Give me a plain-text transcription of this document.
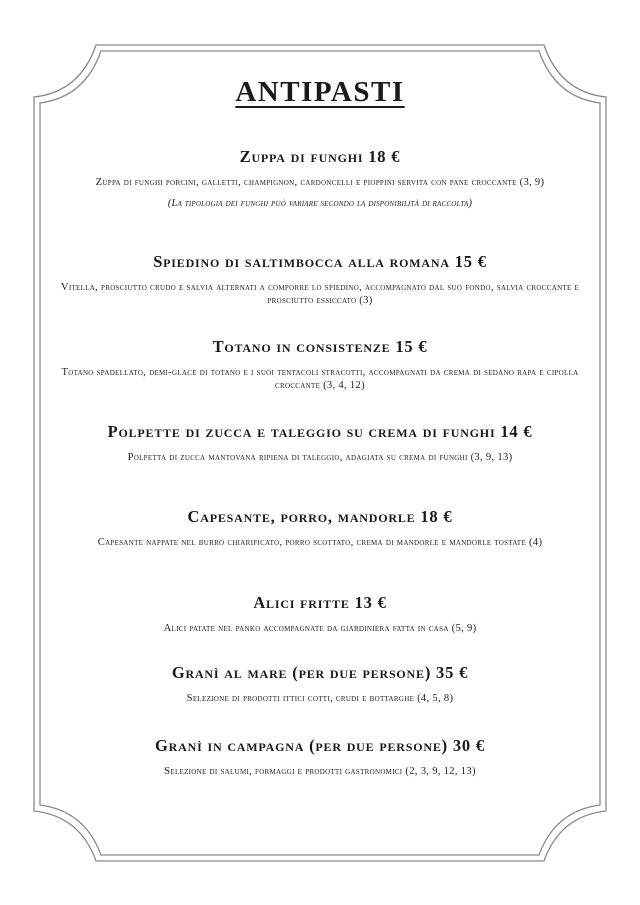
ANTIPASTI
Zuppa di funghi 18 €

Zuppa di funghi porcini, galletti, champignon, cardoncelli e pioppini servita con pane croccante (3, 9)

(La tipologia dei funghi può variare secondo la disponibilità di raccolta)

Spiedino di saltimbocca alla romana 15 €

Vitella, prosciutto crudo e salvia alternati a comporre lo spiedino, accompagnato dal suo fondo, salvia croccante e prosciutto essiccato (3)

Totano in consistenze 15 €

Totano spadellato, demi-glace di totano e i suoi tentacoli stracotti, accompagnati da crema di sedano rapa e cipolla croccante (3, 4, 12)

Polpette di zucca e taleggio su crema di funghi 14 €

Polpetta di zucca mantovana ripiena di taleggio, adagiata su crema di funghi (3, 9, 13)

Capesante, porro, mandorle 18 €

Capesante nappate nel burro chiarificato, porro scottato, crema di mandorle e mandorle tostate (4)

Alici fritte 13 €

Alici patate nel panko accompagnate da giardiniera fatta in casa (5, 9)

Granì al mare (per due persone) 35 €

Selezione di prodotti ittici cotti, crudi e bottarghe (4, 5, 8)

Granì in campagna (per due persone) 30 €

Selezione di salumi, formaggi e prodotti gastronomici (2, 3, 9, 12, 13)
